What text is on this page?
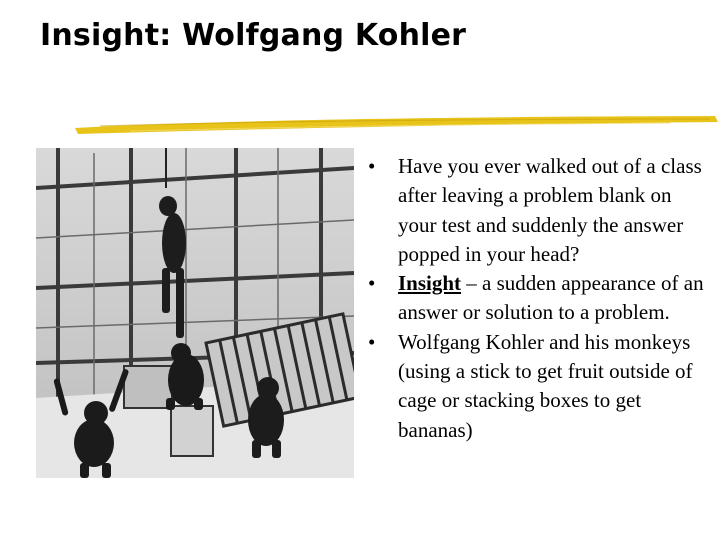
Insight: Wolfgang Kohler
• Have you ever walked out of a class after leaving a problem blank on your test and suddenly the answer popped in your head?
• Insight – a sudden appearance of an answer or solution to a problem.
• Wolfgang Kohler and his monkeys (using a stick to get fruit outside of cage or stacking boxes to get bananas)
